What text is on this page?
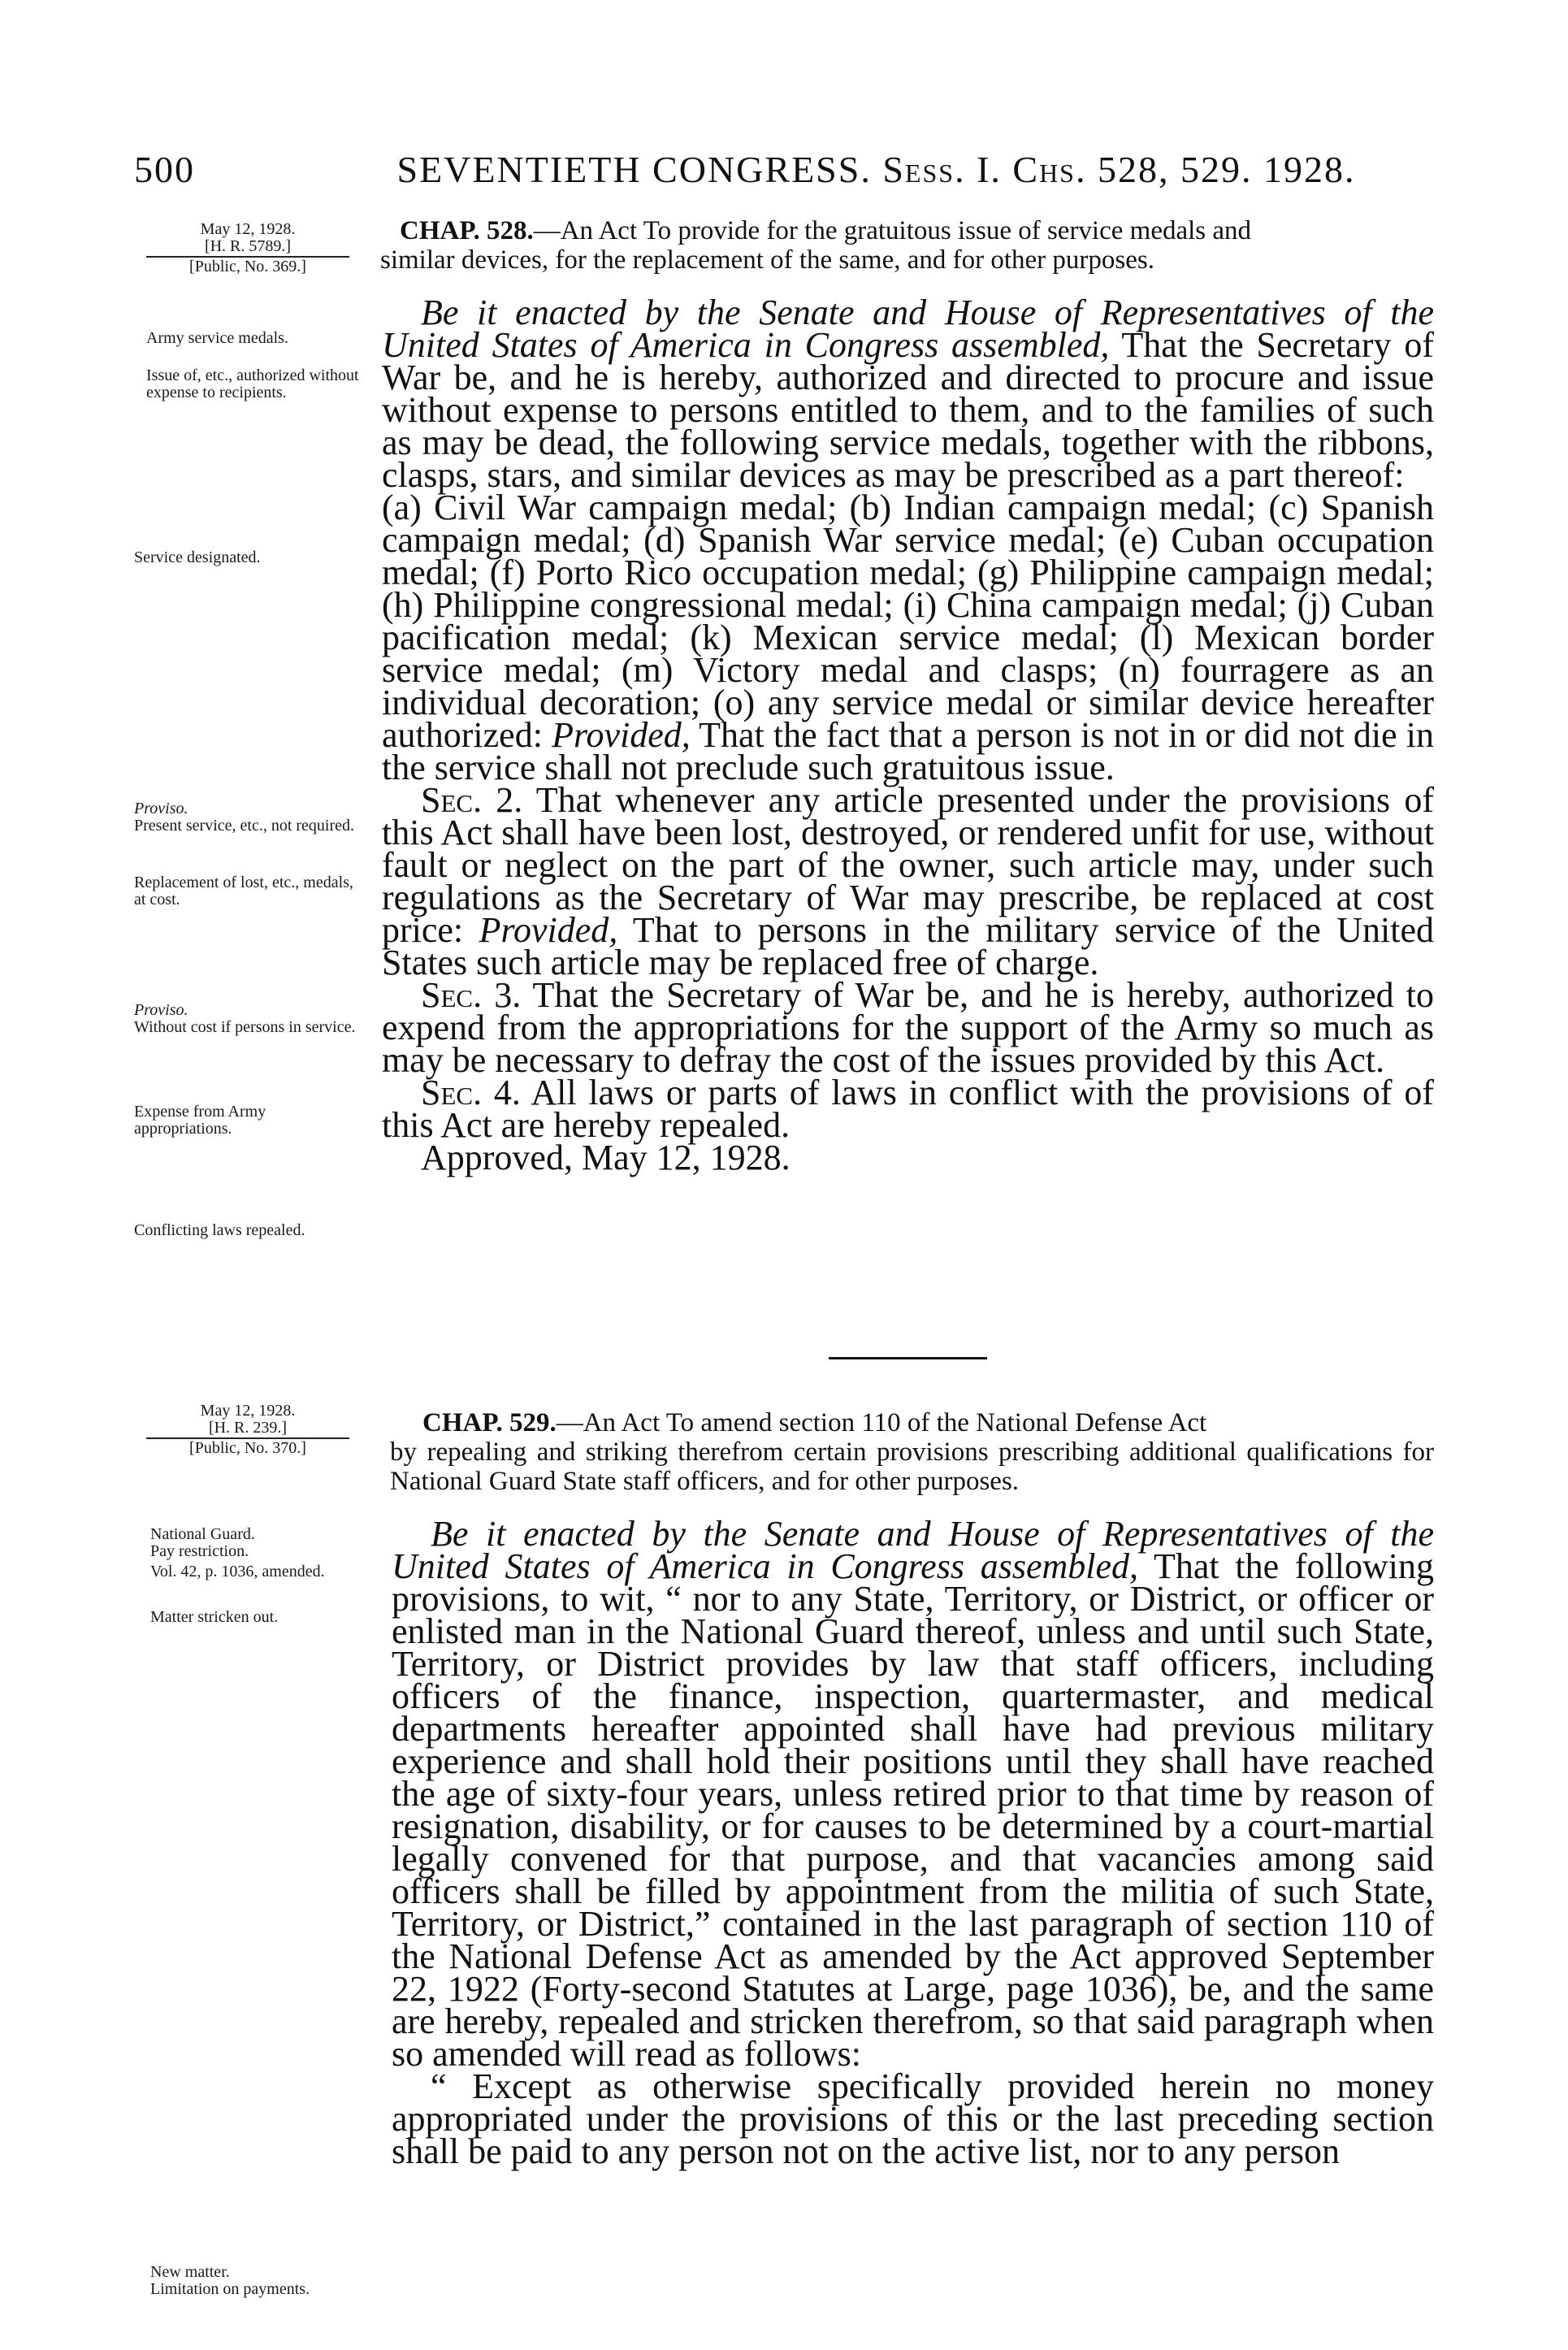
500	SEVENTIETH CONGRESS. Sess. I. Chs. 528, 529. 1928.
May 12, 1928.
[H. R. 5789.]
[Public, No. 369.]
CHAP. 528.—An Act To provide for the gratuitous issue of service medals and
similar devices, for the replacement of the same, and for other purposes.
Army service medals.
Issue of, etc., authorized without expense to recipients.
Service designated.
Proviso.
Present service, etc., not required.
Replacement of lost, etc., medals, at cost.
Proviso.
Without cost if persons in service.
Expense from Army appropriations.
Conflicting laws repealed.

Be it enacted by the Senate and House of Representatives of the United States of America in Congress assembled, That the Secretary of War be, and he is hereby, authorized and directed to procure and issue without expense to persons entitled to them, and to the families of such as may be dead, the following service medals, together with the ribbons, clasps, stars, and similar devices as may be prescribed as a part thereof:

(a) Civil War campaign medal; (b) Indian campaign medal; (c) Spanish campaign medal; (d) Spanish War service medal; (e) Cuban occupation medal; (f) Porto Rico occupation medal; (g) Philippine campaign medal; (h) Philippine congressional medal; (i) China campaign medal; (j) Cuban pacification medal; (k) Mexican service medal; (l) Mexican border service medal; (m) Victory medal and clasps; (n) fourragere as an individual decoration; (o) any service medal or similar device hereafter authorized: Provided, That the fact that a person is not in or did not die in the service shall not preclude such gratuitous issue.

Sec. 2. That whenever any article presented under the provisions of this Act shall have been lost, destroyed, or rendered unfit for use, without fault or neglect on the part of the owner, such article may, under such regulations as the Secretary of War may prescribe, be replaced at cost price: Provided, That to persons in the military service of the United States such article may be replaced free of charge.

Sec. 3. That the Secretary of War be, and he is hereby, authorized to expend from the appropriations for the support of the Army so much as may be necessary to defray the cost of the issues provided by this Act.

Sec. 4. All laws or parts of laws in conflict with the provisions of of this Act are hereby repealed.

Approved, May 12, 1928.

May 12, 1928.
[H. R. 239.]
[Public, No. 370.]
CHAP. 529.—An Act To amend section 110 of the National Defense Act
by repealing and striking therefrom certain provisions prescribing additional qualifications for National Guard State staff officers, and for other purposes.
National Guard.
Pay restriction.
Vol. 42, p. 1036, amended.
Matter stricken out.
New matter.
Limitation on payments.

Be it enacted by the Senate and House of Representatives of the United States of America in Congress assembled, That the following provisions, to wit, “ nor to any State, Territory, or District, or officer or enlisted man in the National Guard thereof, unless and until such State, Territory, or District provides by law that staff officers, including officers of the finance, inspection, quartermaster, and medical departments hereafter appointed shall have had previous military experience and shall hold their positions until they shall have reached the age of sixty-four years, unless retired prior to that time by reason of resignation, disability, or for causes to be determined by a court-martial legally convened for that purpose, and that vacancies among said officers shall be filled by appointment from the militia of such State, Territory, or District,” contained in the last paragraph of section 110 of the National Defense Act as amended by the Act approved September 22, 1922 (Forty-second Statutes at Large, page 1036), be, and the same are hereby, repealed and stricken therefrom, so that said paragraph when so amended will read as follows:

“ Except as otherwise specifically provided herein no money appropriated under the provisions of this or the last preceding section shall be paid to any person not on the active list, nor to any person
